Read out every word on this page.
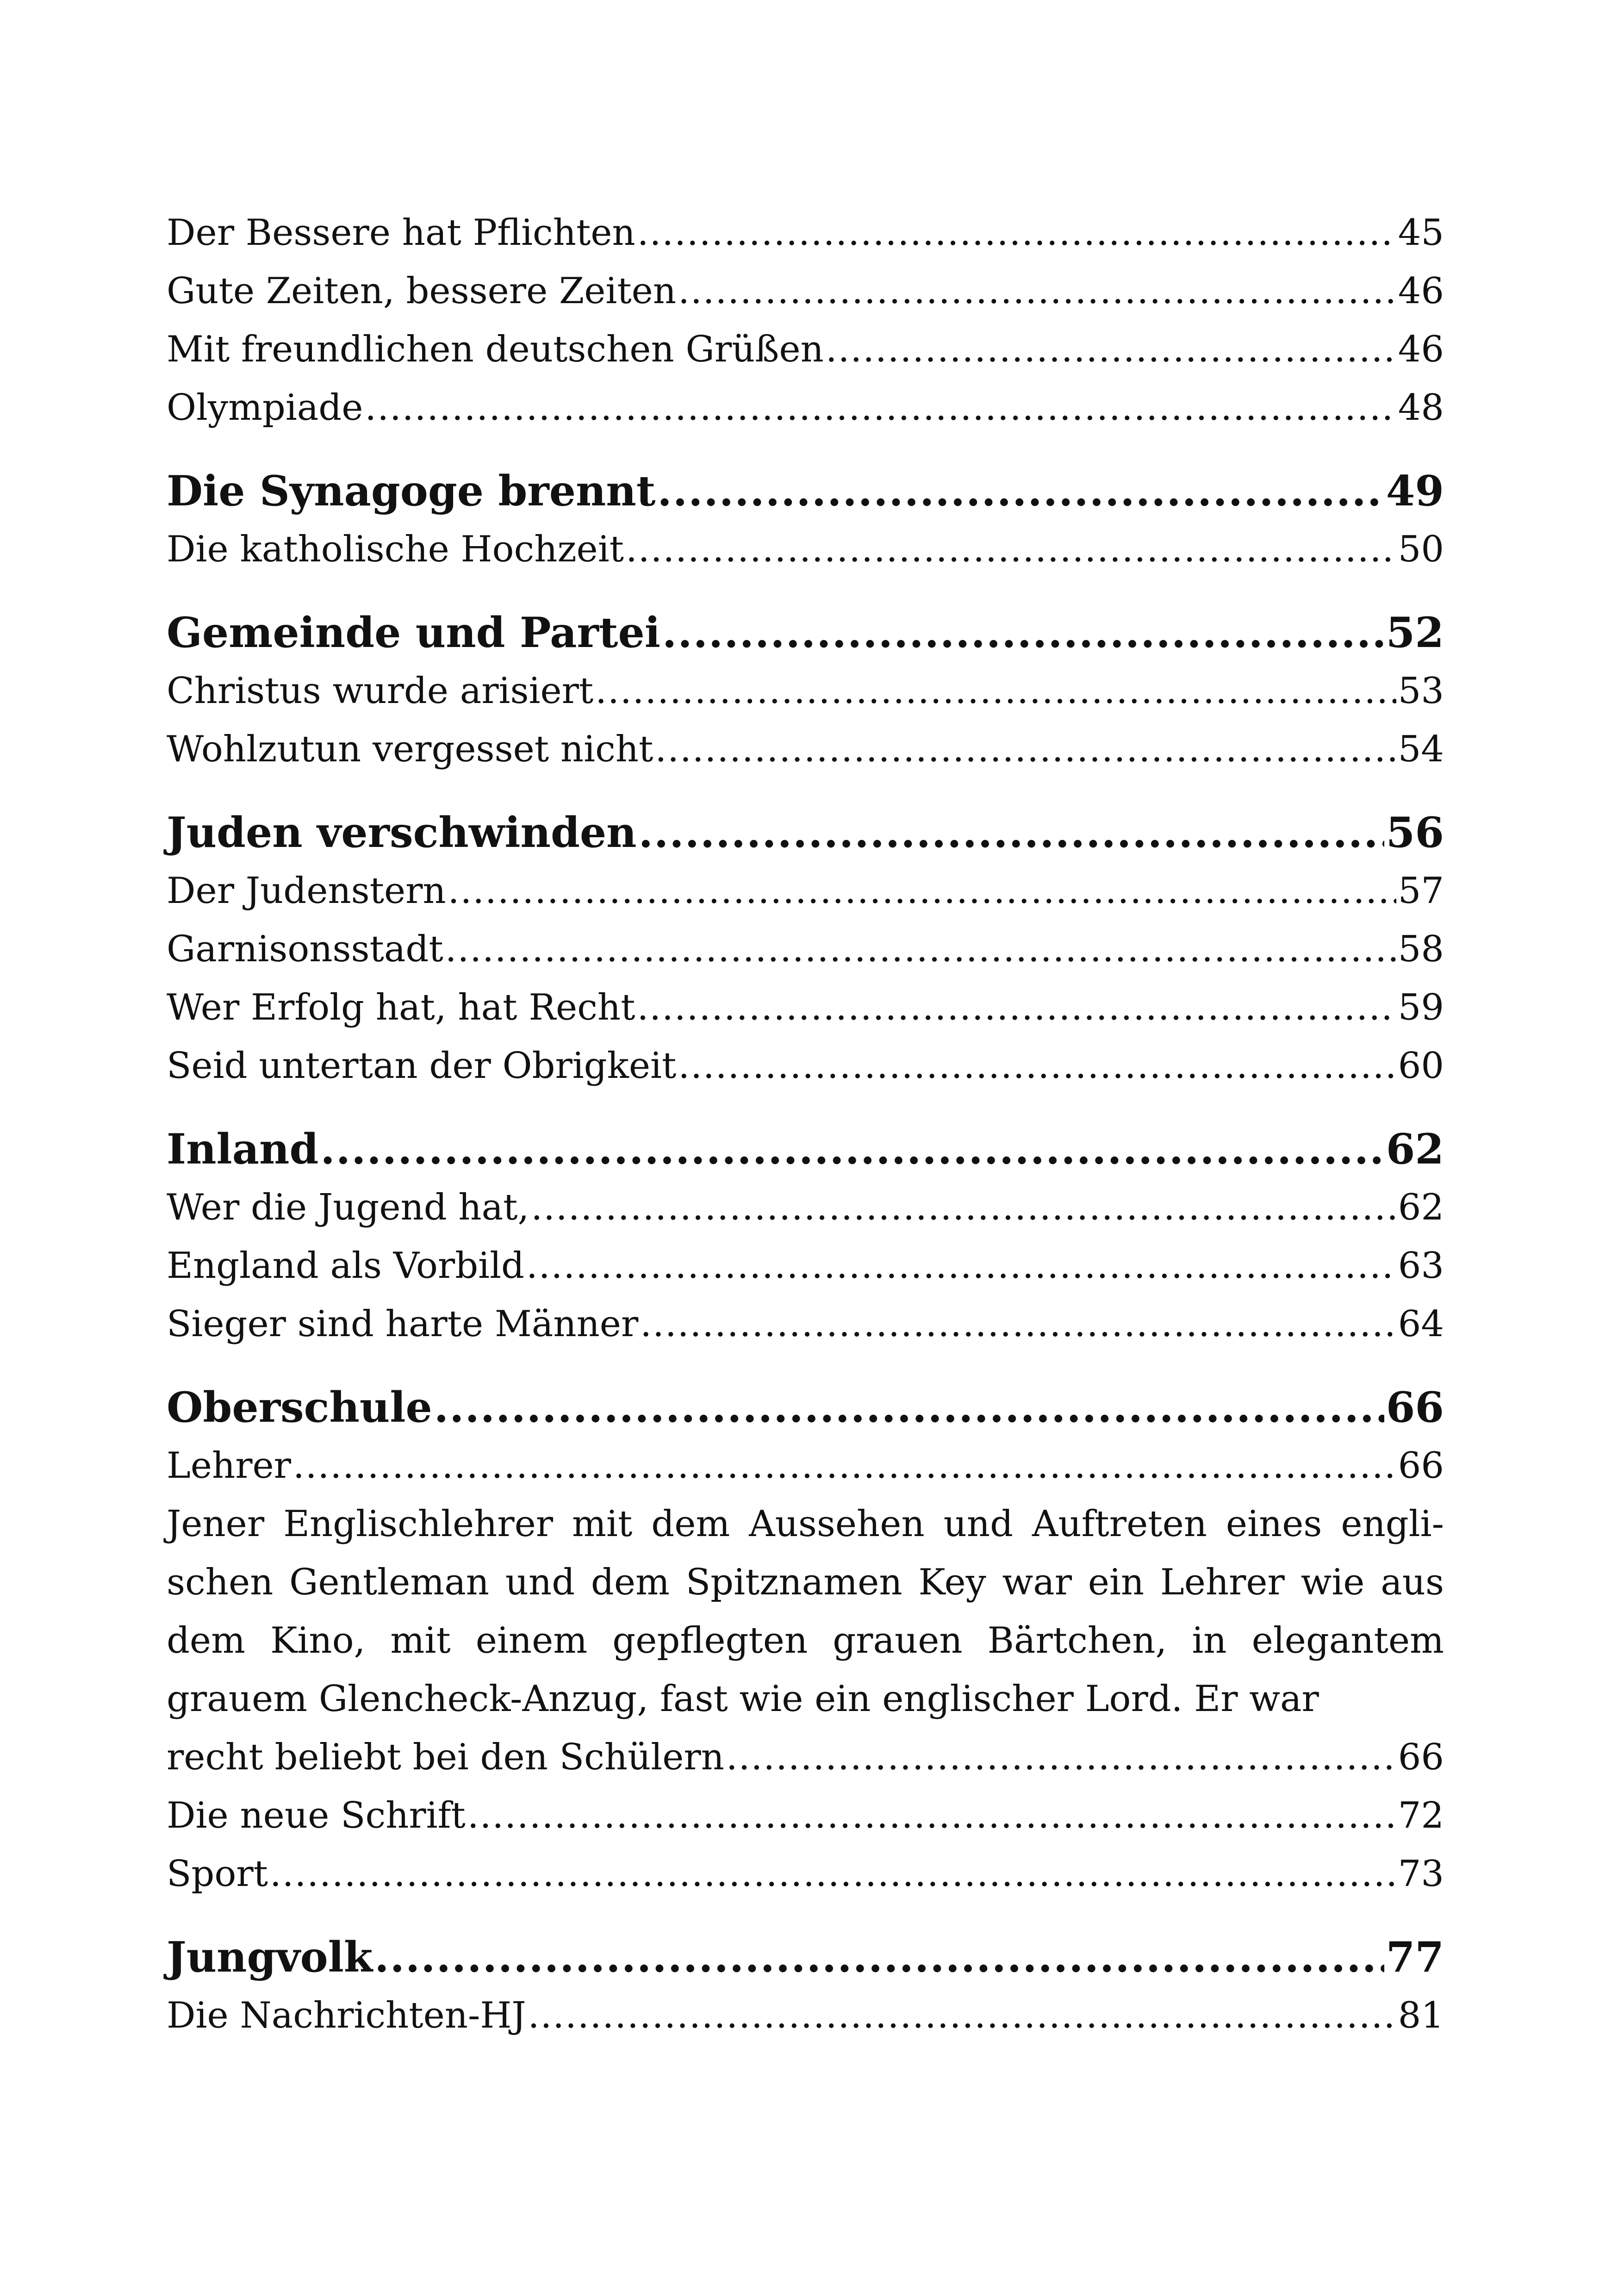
Der Bessere hat Pflichten .....	45
Gute Zeiten, bessere Zeiten .....	46
Mit freundlichen deutschen Grüßen .....	46
Olympiade .....	48
Die Synagoge brennt .....	49
Die katholische Hochzeit .....	50
Gemeinde und Partei .....	52
Christus wurde arisiert .....	53
Wohlzutun vergesset nicht .....	54
Juden verschwinden .....	56
Der Judenstern .....	57
Garnisonsstadt .....	58
Wer Erfolg hat, hat Recht .....	59
Seid untertan der Obrigkeit .....	60
Inland .....	62
Wer die Jugend hat, .....	62
England als Vorbild .....	63
Sieger sind harte Männer .....	64
Oberschule .....	66
Lehrer .....	66
Jener Englischlehrer mit dem Aussehen und Auftreten eines englischen Gentleman und dem Spitznamen Key war ein Lehrer wie aus dem Kino, mit einem gepflegten grauen Bärtchen, in elegantem grauem Glencheck-Anzug, fast wie ein englischer Lord. Er war
recht beliebt bei den Schülern .....	66
Die neue Schrift .....	72
Sport .....	73
Jungvolk .....	77
Die Nachrichten-HJ .....	81
